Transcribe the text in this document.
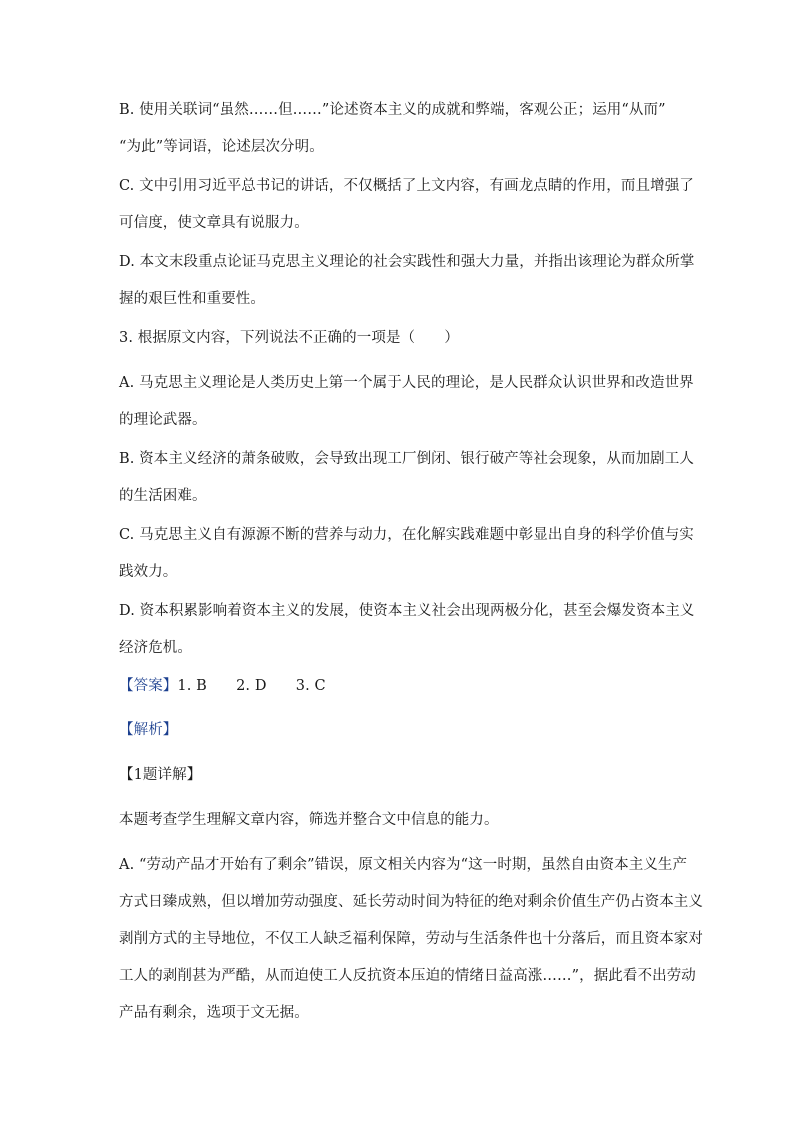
B. 使用关联词“虽然……但……”论述资本主义的成就和弊端，客观公正；运用“从而”
“为此”等词语，论述层次分明。
C. 文中引用习近平总书记的讲话，不仅概括了上文内容，有画龙点睛的作用，而且增强了
可信度，使文章具有说服力。
D. 本文末段重点论证马克思主义理论的社会实践性和强大力量，并指出该理论为群众所掌
握的艰巨性和重要性。
3. 根据原文内容，下列说法不正确的一项是（　　）
A. 马克思主义理论是人类历史上第一个属于人民的理论，是人民群众认识世界和改造世界
的理论武器。
B. 资本主义经济的萧条破败，会导致出现工厂倒闭、银行破产等社会现象，从而加剧工人
的生活困难。
C. 马克思主义自有源源不断的营养与动力，在化解实践难题中彰显出自身的科学价值与实
践效力。
D. 资本积累影响着资本主义的发展，使资本主义社会出现两极分化，甚至会爆发资本主义
经济危机。
【答案】1. B　　2. D　　3. C
【解析】
【1题详解】
本题考查学生理解文章内容，筛选并整合文中信息的能力。
A. “劳动产品才开始有了剩余”错误，原文相关内容为“这一时期，虽然自由资本主义生产
方式日臻成熟，但以增加劳动强度、延长劳动时间为特征的绝对剩余价值生产仍占资本主义
剥削方式的主导地位，不仅工人缺乏福利保障，劳动与生活条件也十分落后，而且资本家对
工人的剥削甚为严酷，从而迫使工人反抗资本压迫的情绪日益高涨……”，据此看不出劳动
产品有剩余，选项于文无据。
